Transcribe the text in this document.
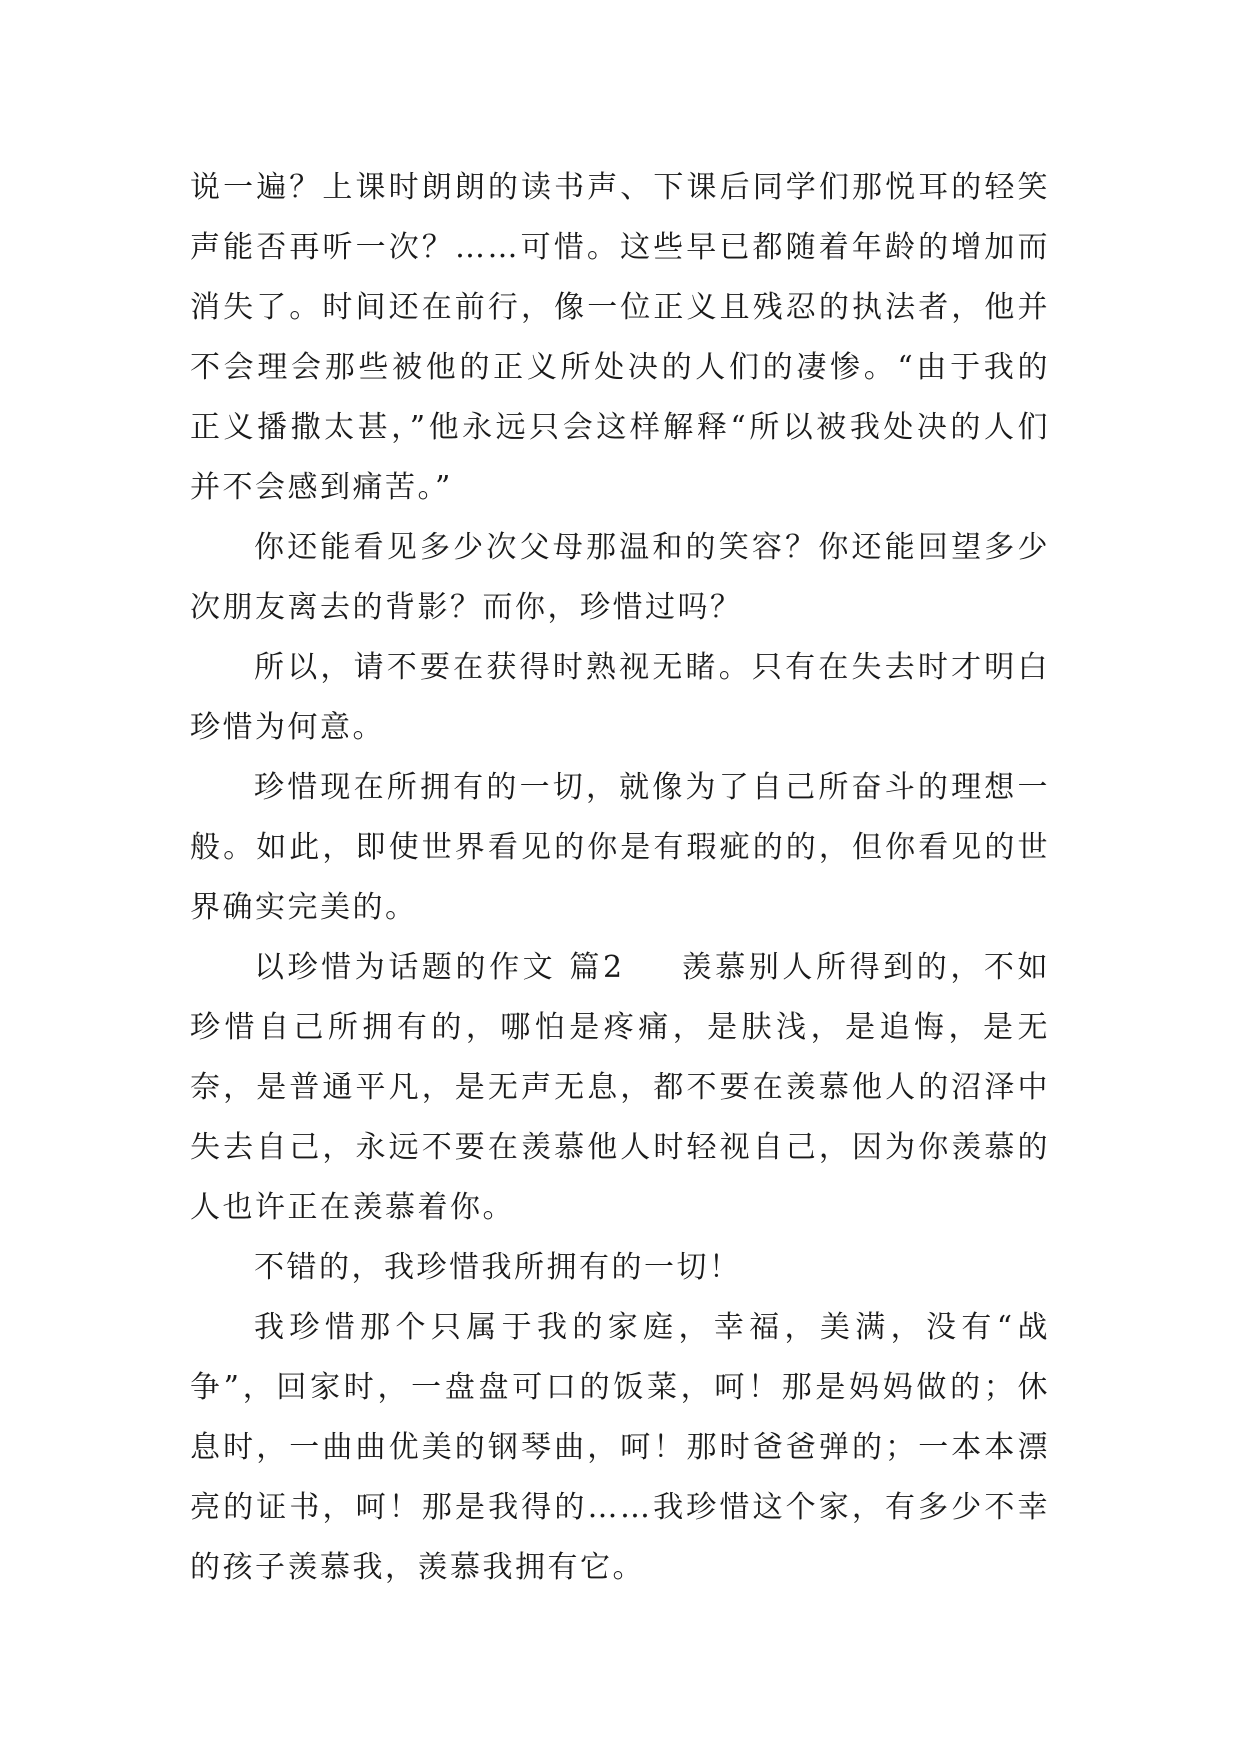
说一遍？上课时朗朗的读书声、下课后同学们那悦耳的轻笑声能否再听一次？……可惜。这些早已都随着年龄的增加而消失了。时间还在前行，像一位正义且残忍的执法者，他并不会理会那些被他的正义所处决的人们的凄惨。“由于我的正义播撒太甚，”他永远只会这样解释“所以被我处决的人们并不会感到痛苦。”

你还能看见多少次父母那温和的笑容？你还能回望多少次朋友离去的背影？而你，珍惜过吗？

所以，请不要在获得时熟视无睹。只有在失去时才明白珍惜为何意。

珍惜现在所拥有的一切，就像为了自己所奋斗的理想一般。如此，即使世界看见的你是有瑕疵的的，但你看见的世界确实完美的。

以珍惜为话题的作文 篇2 羡慕别人所得到的，不如珍惜自己所拥有的，哪怕是疼痛，是肤浅，是追悔，是无奈，是普通平凡，是无声无息，都不要在羡慕他人的沼泽中失去自己，永远不要在羡慕他人时轻视自己，因为你羡慕的人也许正在羡慕着你。

不错的，我珍惜我所拥有的一切！

我珍惜那个只属于我的家庭，幸福，美满，没有“战争”，回家时，一盘盘可口的饭菜，呵！那是妈妈做的；休息时，一曲曲优美的钢琴曲，呵！那时爸爸弹的；一本本漂亮的证书，呵！那是我得的……我珍惜这个家，有多少不幸的孩子羡慕我，羡慕我拥有它。
